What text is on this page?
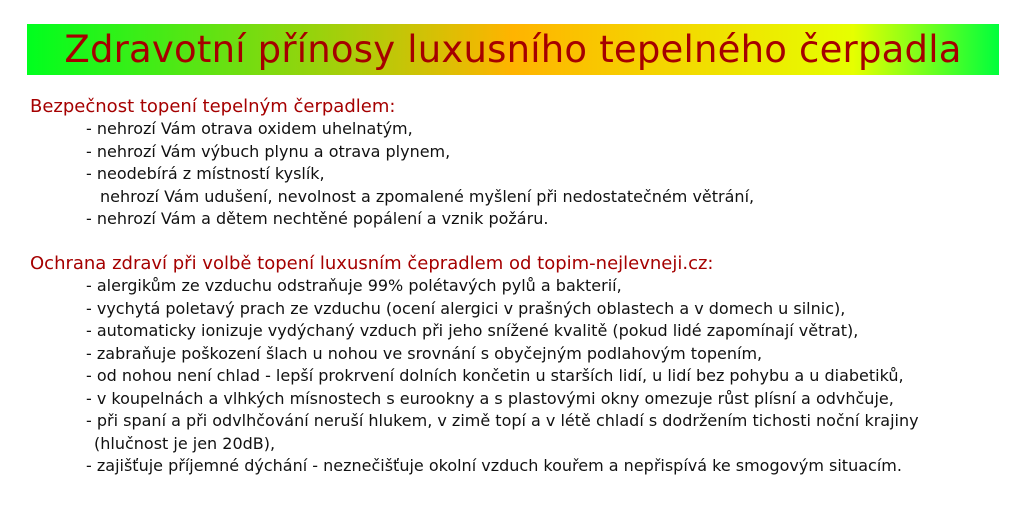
Zdravotní přínosy luxusního tepelného čerpadla
Bezpečnost topení tepelným čerpadlem:
- nehrozí Vám otrava oxidem uhelnatým,
- nehrozí Vám výbuch plynu a otrava plynem,
- neodebírá z místností kyslík,
nehrozí Vám udušení, nevolnost a zpomalené myšlení při nedostatečném větrání,
- nehrozí Vám a dětem nechtěné popálení a vznik požáru.
Ochrana zdraví při volbě topení luxusním čepradlem od topim-nejlevneji.cz:
- alergikům ze vzduchu odstraňuje 99% polétavých pylů a bakterií,
- vychytá poletavý prach ze vzduchu (ocení alergici v prašných oblastech a v domech u silnic),
- automaticky ionizuje vydýchaný vzduch při jeho snížené kvalitě (pokud lidé zapomínají větrat),
- zabraňuje poškození šlach u nohou ve srovnání s obyčejným podlahovým topením,
- od nohou není chlad - lepší prokrvení dolních končetin u starších lidí, u lidí bez pohybu a u diabetiků,
- v koupelnách a vlhkých mísnostech s eurookny a s plastovými okny omezuje růst plísní a odvhčuje,
- při spaní a při odvlhčování neruší hlukem, v zimě topí a v létě chladí s dodržením tichosti noční krajiny
(hlučnost je jen 20dB),
- zajišťuje příjemné dýchání - neznečišťuje okolní vzduch kouřem a nepřispívá ke smogovým situacím.
